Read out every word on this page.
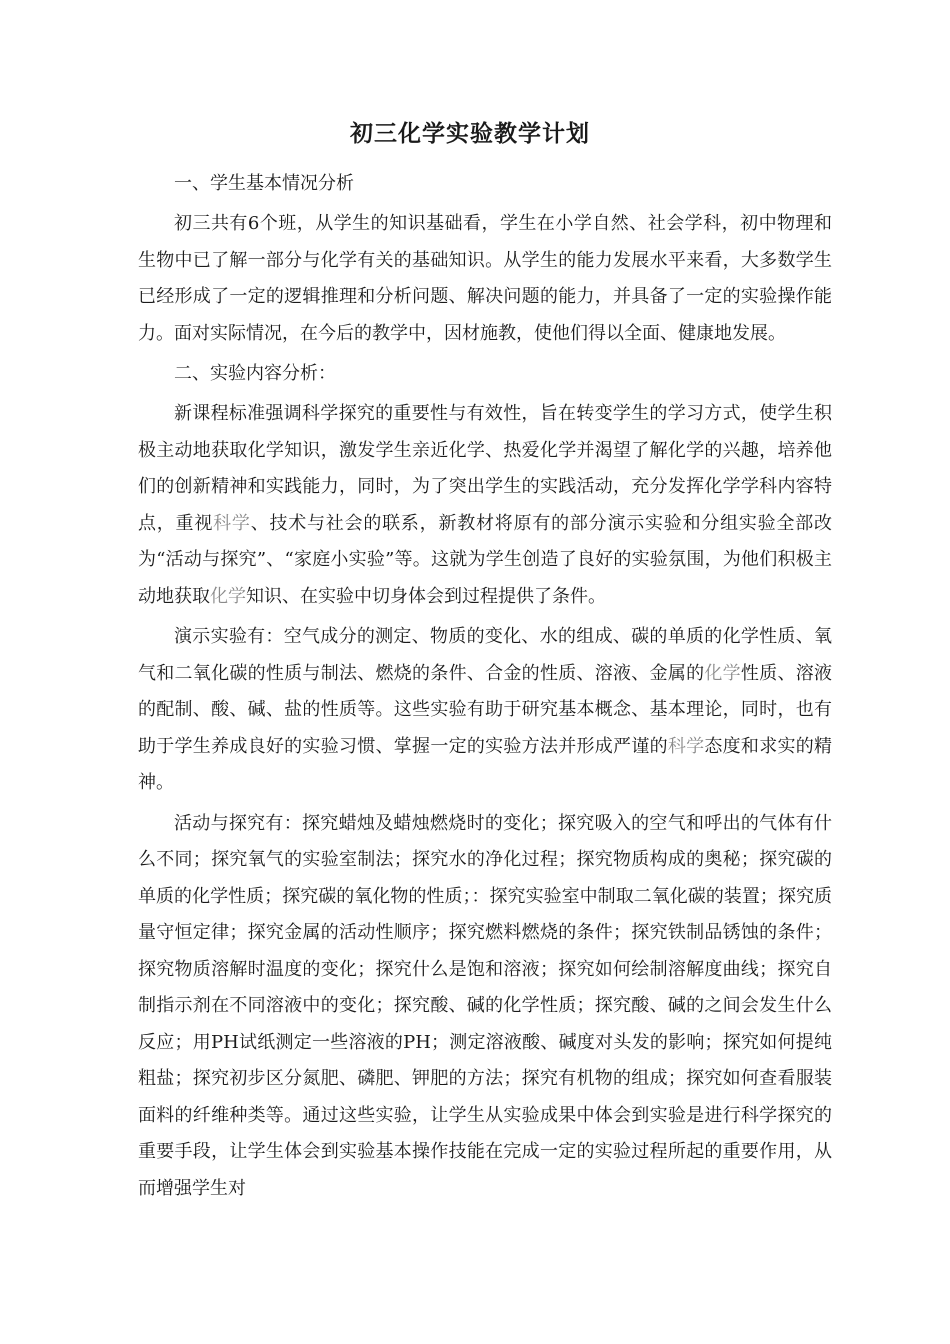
初三化学实验教学计划

一、学生基本情况分析

初三共有6个班，从学生的知识基础看，学生在小学自然、社会学科，初中物理和生物中已了解一部分与化学有关的基础知识。从学生的能力发展水平来看，大多数学生已经形成了一定的逻辑推理和分析问题、解决问题的能力，并具备了一定的实验操作能力。面对实际情况，在今后的教学中，因材施教，使他们得以全面、健康地发展。

二、实验内容分析：

新课程标准强调科学探究的重要性与有效性，旨在转变学生的学习方式，使学生积极主动地获取化学知识，激发学生亲近化学、热爱化学并渴望了解化学的兴趣，培养他们的创新精神和实践能力，同时，为了突出学生的实践活动，充分发挥化学学科内容特点，重视科学、技术与社会的联系，新教材将原有的部分演示实验和分组实验全部改为“活动与探究”、“家庭小实验”等。这就为学生创造了良好的实验氛围，为他们积极主动地获取化学知识、在实验中切身体会到过程提供了条件。

演示实验有：空气成分的测定、物质的变化、水的组成、碳的单质的化学性质、氧气和二氧化碳的性质与制法、燃烧的条件、合金的性质、溶液、金属的化学性质、溶液的配制、酸、碱、盐的性质等。这些实验有助于研究基本概念、基本理论，同时，也有助于学生养成良好的实验习惯、掌握一定的实验方法并形成严谨的科学态度和求实的精神。

活动与探究有：探究蜡烛及蜡烛燃烧时的变化；探究吸入的空气和呼出的气体有什么不同；探究氧气的实验室制法；探究水的净化过程；探究物质构成的奥秘；探究碳的单质的化学性质；探究碳的氧化物的性质；：探究实验室中制取二氧化碳的装置；探究质量守恒定律；探究金属的活动性顺序；探究燃料燃烧的条件；探究铁制品锈蚀的条件；探究物质溶解时温度的变化；探究什么是饱和溶液；探究如何绘制溶解度曲线；探究自制指示剂在不同溶液中的变化；探究酸、碱的化学性质；探究酸、碱的之间会发生什么反应；用PH试纸测定一些溶液的PH；测定溶液酸、碱度对头发的影响；探究如何提纯粗盐；探究初步区分氮肥、磷肥、钾肥的方法；探究有机物的组成；探究如何查看服装面料的纤维种类等。通过这些实验，让学生从实验成果中体会到实验是进行科学探究的重要手段，让学生体会到实验基本操作技能在完成一定的实验过程所起的重要作用，从而增强学生对
